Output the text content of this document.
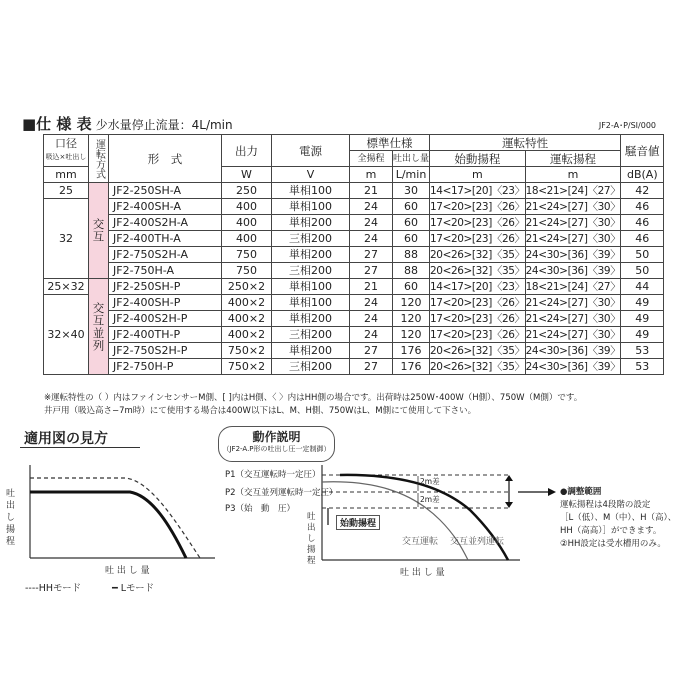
■仕 様 表 少水量停止流量：4L/min	JF2-A･P/SI/000
口径
吸込×吐出し	運転方式	形　式	出力	電源	標準仕様		運転特性		騒音値
					全揚程	吐出し量	始動揚程	運転揚程	
mm			W	V	m	L/min	m	m	dB(A)
25	交互	JF2-250SH-A	250	単相100	21	30	14<17>[20]〈23〉	18<21>[24]〈27〉	42
32		JF2-400SH-A	400	単相100	24	60	17<20>[23]〈26〉	21<24>[27]〈30〉	46
		JF2-400S2H-A	400	単相200	24	60	17<20>[23]〈26〉	21<24>[27]〈30〉	46
		JF2-400TH-A	400	三相200	24	60	17<20>[23]〈26〉	21<24>[27]〈30〉	46
		JF2-750S2H-A	750	単相200	27	88	20<26>[32]〈35〉	24<30>[36]〈39〉	50
		JF2-750H-A	750	三相200	27	88	20<26>[32]〈35〉	24<30>[36]〈39〉	50
25×32	交互並列	JF2-250SH-P	250×2	単相100	21	60	14<17>[20]〈23〉	18<21>[24]〈27〉	44
32×40		JF2-400SH-P	400×2	単相100	24	120	17<20>[23]〈26〉	21<24>[27]〈30〉	49
		JF2-400S2H-P	400×2	単相200	24	120	17<20>[23]〈26〉	21<24>[27]〈30〉	49
		JF2-400TH-P	400×2	三相200	24	120	17<20>[23]〈26〉	21<24>[27]〈30〉	49
		JF2-750S2H-P	750×2	単相200	27	176	20<26>[32]〈35〉	24<30>[36]〈39〉	53
		JF2-750H-P	750×2	三相200	27	176	20<26>[32]〈35〉	24<30>[36]〈39〉	53
※運転特性の（ ）内はファインセンサーM側、[ ]内はH側、〈 〉内はHH側の場合です。出荷時は250W･400W（H側）、750W（M側）です。
井戸用（吸込高さ−7m時）にて使用する場合は400W以下はL、M、H側、750WはL、M側にて使用して下さい。
適用図の見方
吐出し揚程
吐 出 し 量
----HHモード	━ Lモード
動作説明
（JF2-A.P形の吐出し圧一定制御）
P1（交互運転時一定圧）
P2（交互並列運転時一定圧）
P3（始　動　圧）
始動揚程
2m差
2m差
交互運転 交互並列運転
吐出し揚程
吐 出 し 量
●調整範囲
運転揚程は4段階の設定
［L（低）、M（中）、H（高）、
HH（高高）］ができます。
②HH設定は受水槽用のみ。
